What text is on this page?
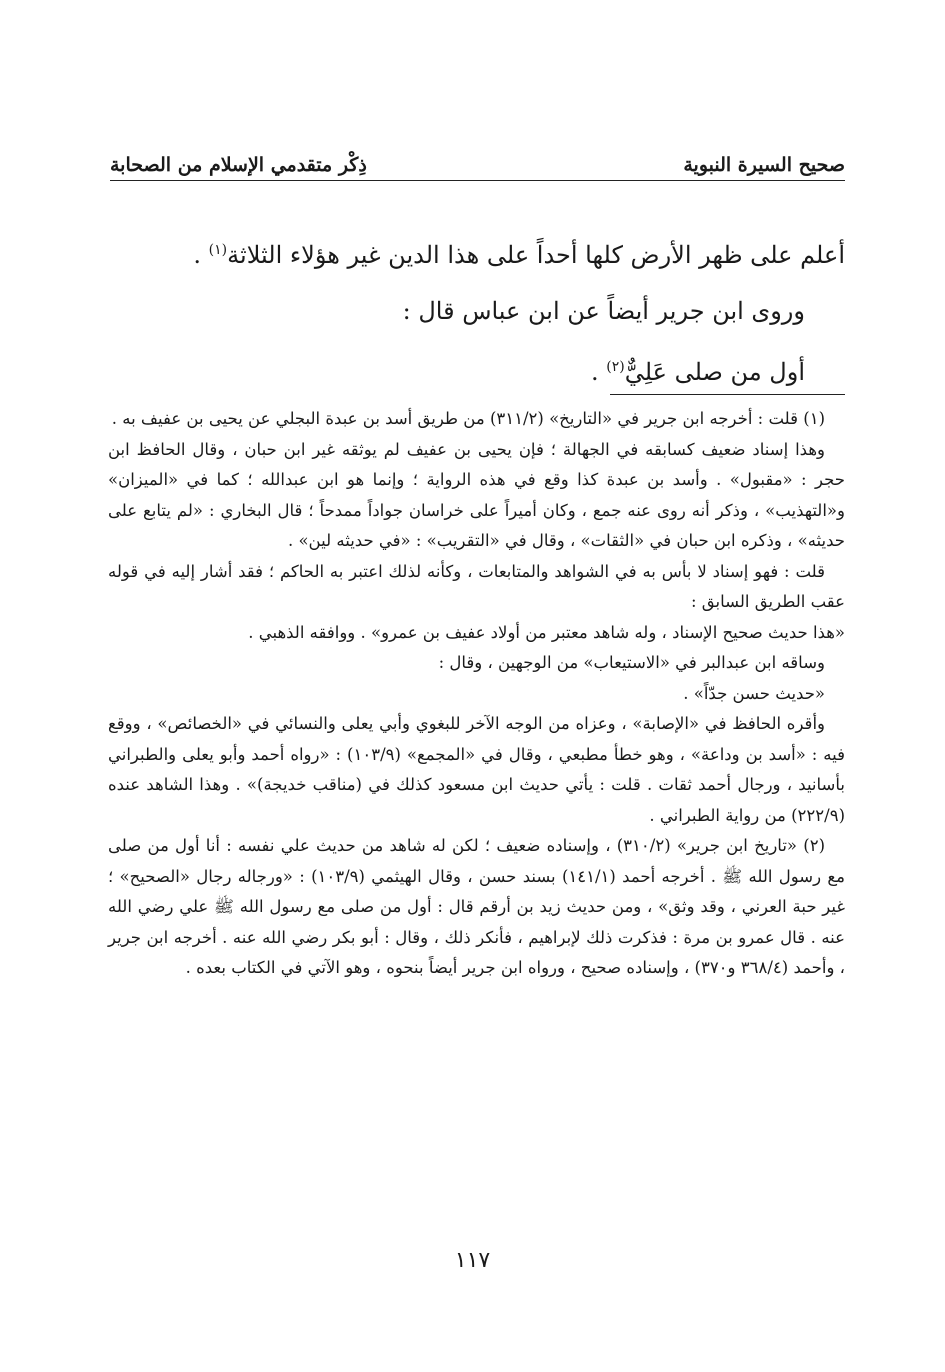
صحيح السيرة النبوية
ذِكْر متقدمي الإسلام من الصحابة

أعلم على ظهر الأرض كلها أحداً على هذا الدين غير هؤلاء الثلاثة$^{(١)}$ .

وروى ابن جرير أيضاً عن ابن عباس قال :

أول من صلى عَلِيٌّ$^{(٢)}$ .

(١) قلت : أخرجه ابن جرير في «التاريخ» (٣١١/٢) من طريق أسد بن عبدة البجلي عن يحيى بن عفيف به .

وهذا إسناد ضعيف كسابقه في الجهالة ؛ فإن يحيى بن عفيف لم يوثقه غير ابن حبان ، وقال الحافظ ابن حجر : «مقبول» . وأسد بن عبدة كذا وقع في هذه الرواية ؛ وإنما هو ابن عبدالله ؛ كما في «الميزان» و«التهذيب» ، وذكر أنه روى عنه جمع ، وكان أميراً على خراسان جواداً ممدحاً ؛ قال البخاري : «لم يتابع على حديثه» ، وذكره ابن حبان في «الثقات» ، وقال في «التقريب» : «في حديثه لين» .

قلت : فهو إسناد لا بأس به في الشواهد والمتابعات ، وكأنه لذلك اعتبر به الحاكم ؛ فقد أشار إليه في قوله عقب الطريق السابق :

«هذا حديث صحيح الإسناد ، وله شاهد معتبر من أولاد عفيف بن عمرو» . ووافقه الذهبي .

وساقه ابن عبدالبر في «الاستيعاب» من الوجهين ، وقال :

«حديث حسن جدّاً» .

وأقره الحافظ في «الإصابة» ، وعزاه من الوجه الآخر للبغوي وأبي يعلى والنسائي في «الخصائص» ، ووقع فيه : «أسد بن وداعة» ، وهو خطأ مطبعي ، وقال في «المجمع» (١٠٣/٩) : «رواه أحمد وأبو يعلى والطبراني بأسانيد ، ورجال أحمد ثقات . قلت : يأتي حديث ابن مسعود كذلك في (مناقب خديجة)» . وهذا الشاهد عنده (٢٢٢/٩) من رواية الطبراني .

(٢) «تاريخ ابن جرير» (٣١٠/٢) ، وإسناده ضعيف ؛ لكن له شاهد من حديث علي نفسه : أنا أول من صلى مع رسول الله ﷺ . أخرجه أحمد (١٤١/١) بسند حسن ، وقال الهيثمي (١٠٣/٩) : «ورجاله رجال «الصحيح» ؛ غير حبة العرني ، وقد وثق» ، ومن حديث زيد بن أرقم قال : أول من صلى مع رسول الله ﷺ علي رضي الله عنه . قال عمرو بن مرة : فذكرت ذلك لإبراهيم ، فأنكر ذلك ، وقال : أبو بكر رضي الله عنه . أخرجه ابن جرير ، وأحمد (٣٦٨/٤ و٣٧٠) ، وإسناده صحيح ، ورواه ابن جرير أيضاً بنحوه ، وهو الآتي في الكتاب بعده .

١١٧
